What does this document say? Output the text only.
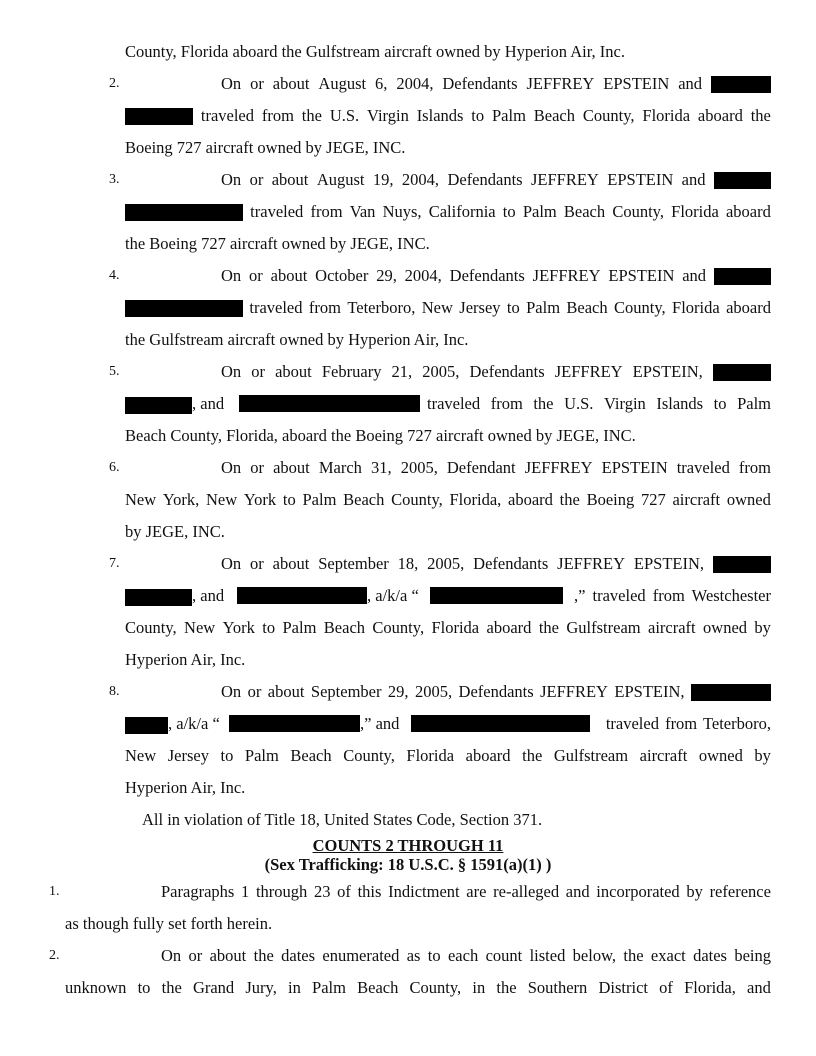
County, Florida aboard the Gulfstream aircraft owned by Hyperion Air, Inc.
2.	On or about August 6, 2004, Defendants JEFFREY EPSTEIN and
traveled from the U.S. Virgin Islands to Palm Beach County, Florida aboard the
Boeing 727 aircraft owned by JEGE, INC.
3.	On or about August 19, 2004, Defendants JEFFREY EPSTEIN and
traveled from Van Nuys, California to Palm Beach County, Florida aboard
the Boeing 727 aircraft owned by JEGE, INC.
4.	On or about October 29, 2004, Defendants JEFFREY EPSTEIN and
traveled from Teterboro, New Jersey to Palm Beach County, Florida aboard
the Gulfstream aircraft owned by Hyperion Air, Inc.
5.	On or about February 21, 2005, Defendants JEFFREY EPSTEIN,
, and	traveled from the U.S. Virgin Islands to Palm
Beach County, Florida, aboard the Boeing 727 aircraft owned by JEGE, INC.
6.	On or about March 31, 2005, Defendant JEFFREY EPSTEIN traveled from
New York, New York to Palm Beach County, Florida, aboard the Boeing 727 aircraft owned
by JEGE, INC.
7.	On or about September 18, 2005, Defendants JEFFREY EPSTEIN,
, and	, a/k/a “	,” traveled from Westchester
County, New York to Palm Beach County, Florida aboard the Gulfstream aircraft owned by
Hyperion Air, Inc.
8.	On or about September 29, 2005, Defendants JEFFREY EPSTEIN,
, a/k/a “	,” and	traveled from Teterboro,
New Jersey to Palm Beach County, Florida aboard the Gulfstream aircraft owned by
Hyperion Air, Inc.
All in violation of Title 18, United States Code, Section 371.
COUNTS 2 THROUGH 11
(Sex Trafficking: 18 U.S.C. § 1591(a)(1) )
1.	Paragraphs 1 through 23 of this Indictment are re-alleged and incorporated by reference
as though fully set forth herein.
2.	On or about the dates enumerated as to each count listed below, the exact dates being
unknown to the Grand Jury, in Palm Beach County, in the Southern District of Florida, and
